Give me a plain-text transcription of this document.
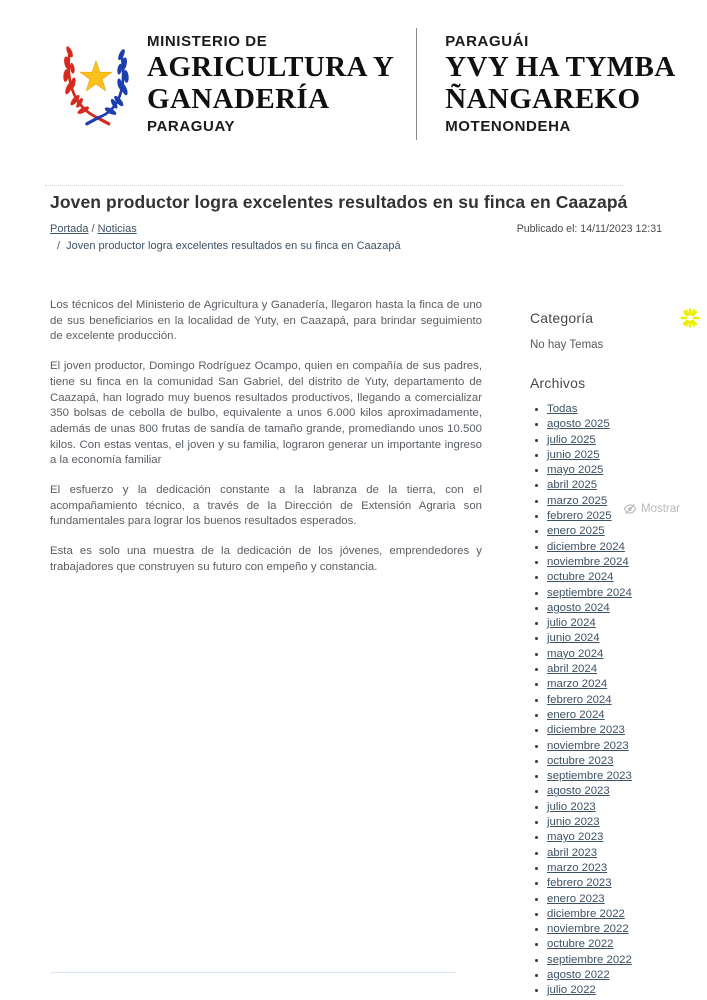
MINISTERIO DE
AGRICULTURA Y
GANADERÍA
PARAGUAY
PARAGUÁI
YVY HA TYMBA
ÑANGAREKO
MOTENONDEHA
Joven productor logra excelentes resultados en su finca en Caazapá
Portada / Noticias	Publicado el: 14/11/2023 12:31
/ Joven productor logra excelentes resultados en su finca en Caazapá

Los técnicos del Ministerio de Agricultura y Ganadería, llegaron hasta la finca de uno de sus beneficiarios en la localidad de Yuty, en Caazapá, para brindar seguimiento de excelente producción.

El joven productor, Domingo Rodríguez Ocampo, quien en compañía de sus padres, tiene su finca en la comunidad San Gabriel, del distrito de Yuty, departamento de Caazapá, han logrado muy buenos resultados productivos, llegando a comercializar 350 bolsas de cebolla de bulbo, equivalente a unos 6.000 kilos aproximadamente, además de unas 800 frutas de sandía de tamaño grande, promediando unos 10.500 kilos. Con estas ventas, el joven y su familia, lograron generar un importante ingreso a la economía familiar

El esfuerzo y la dedicación constante a la labranza de la tierra, con el acompañamiento técnico, a través de la Dirección de Extensión Agraria son fundamentales para lograr los buenos resultados esperados.

Esta es solo una muestra de la dedicación de los jóvenes, emprendedores y trabajadores que construyen su futuro con empeño y constancia.

Categoría
No hay Temas
Archivos
• Todas
• agosto 2025
• julio 2025
• junio 2025
• mayo 2025
• abril 2025
• marzo 2025
• febrero 2025
• enero 2025
• diciembre 2024
• noviembre 2024
• octubre 2024
• septiembre 2024
• agosto 2024
• julio 2024
• junio 2024
• mayo 2024
• abril 2024
• marzo 2024
• febrero 2024
• enero 2024
• diciembre 2023
• noviembre 2023
• octubre 2023
• septiembre 2023
• agosto 2023
• julio 2023
• junio 2023
• mayo 2023
• abril 2023
• marzo 2023
• febrero 2023
• enero 2023
• diciembre 2022
• noviembre 2022
• octubre 2022
• septiembre 2022
• agosto 2022
• julio 2022
Mostrar
